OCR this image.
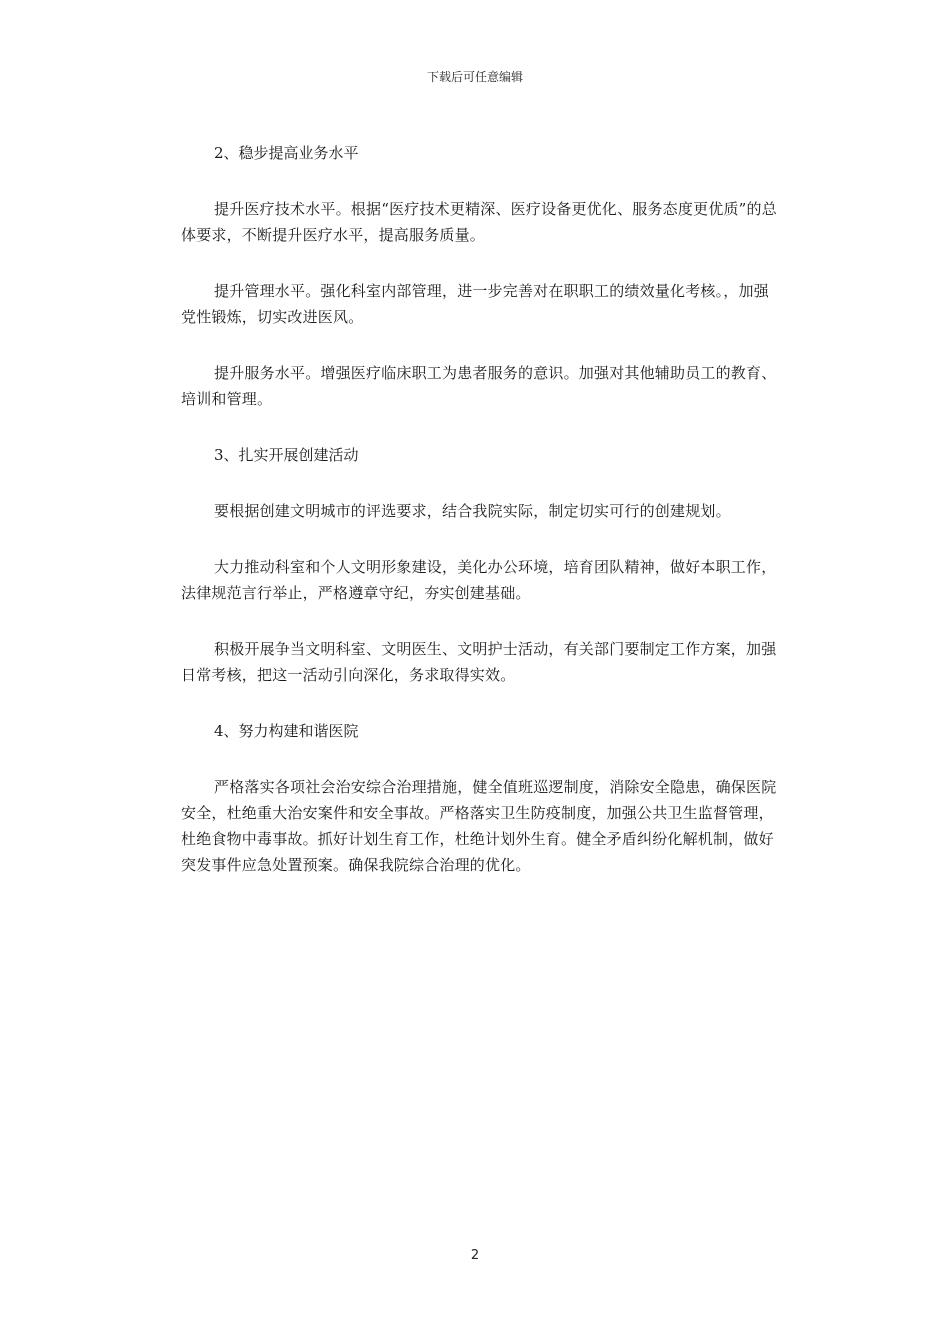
下载后可任意编辑

2、稳步提高业务水平

提升医疗技术水平。根据“医疗技术更精深、医疗设备更优化、服务态度更优质”的总体要求，不断提升医疗水平，提高服务质量。

提升管理水平。强化科室内部管理，进一步完善对在职职工的绩效量化考核。，加强党性锻炼，切实改进医风。

提升服务水平。增强医疗临床职工为患者服务的意识。加强对其他辅助员工的教育、培训和管理。

3、扎实开展创建活动

要根据创建文明城市的评选要求，结合我院实际，制定切实可行的创建规划。

大力推动科室和个人文明形象建设，美化办公环境，培育团队精神，做好本职工作，法律规范言行举止，严格遵章守纪，夯实创建基础。

积极开展争当文明科室、文明医生、文明护士活动，有关部门要制定工作方案，加强日常考核，把这一活动引向深化，务求取得实效。

4、努力构建和谐医院

严格落实各项社会治安综合治理措施，健全值班巡逻制度，消除安全隐患，确保医院安全，杜绝重大治安案件和安全事故。严格落实卫生防疫制度，加强公共卫生监督管理，杜绝食物中毒事故。抓好计划生育工作，杜绝计划外生育。健全矛盾纠纷化解机制，做好突发事件应急处置预案。确保我院综合治理的优化。

2
